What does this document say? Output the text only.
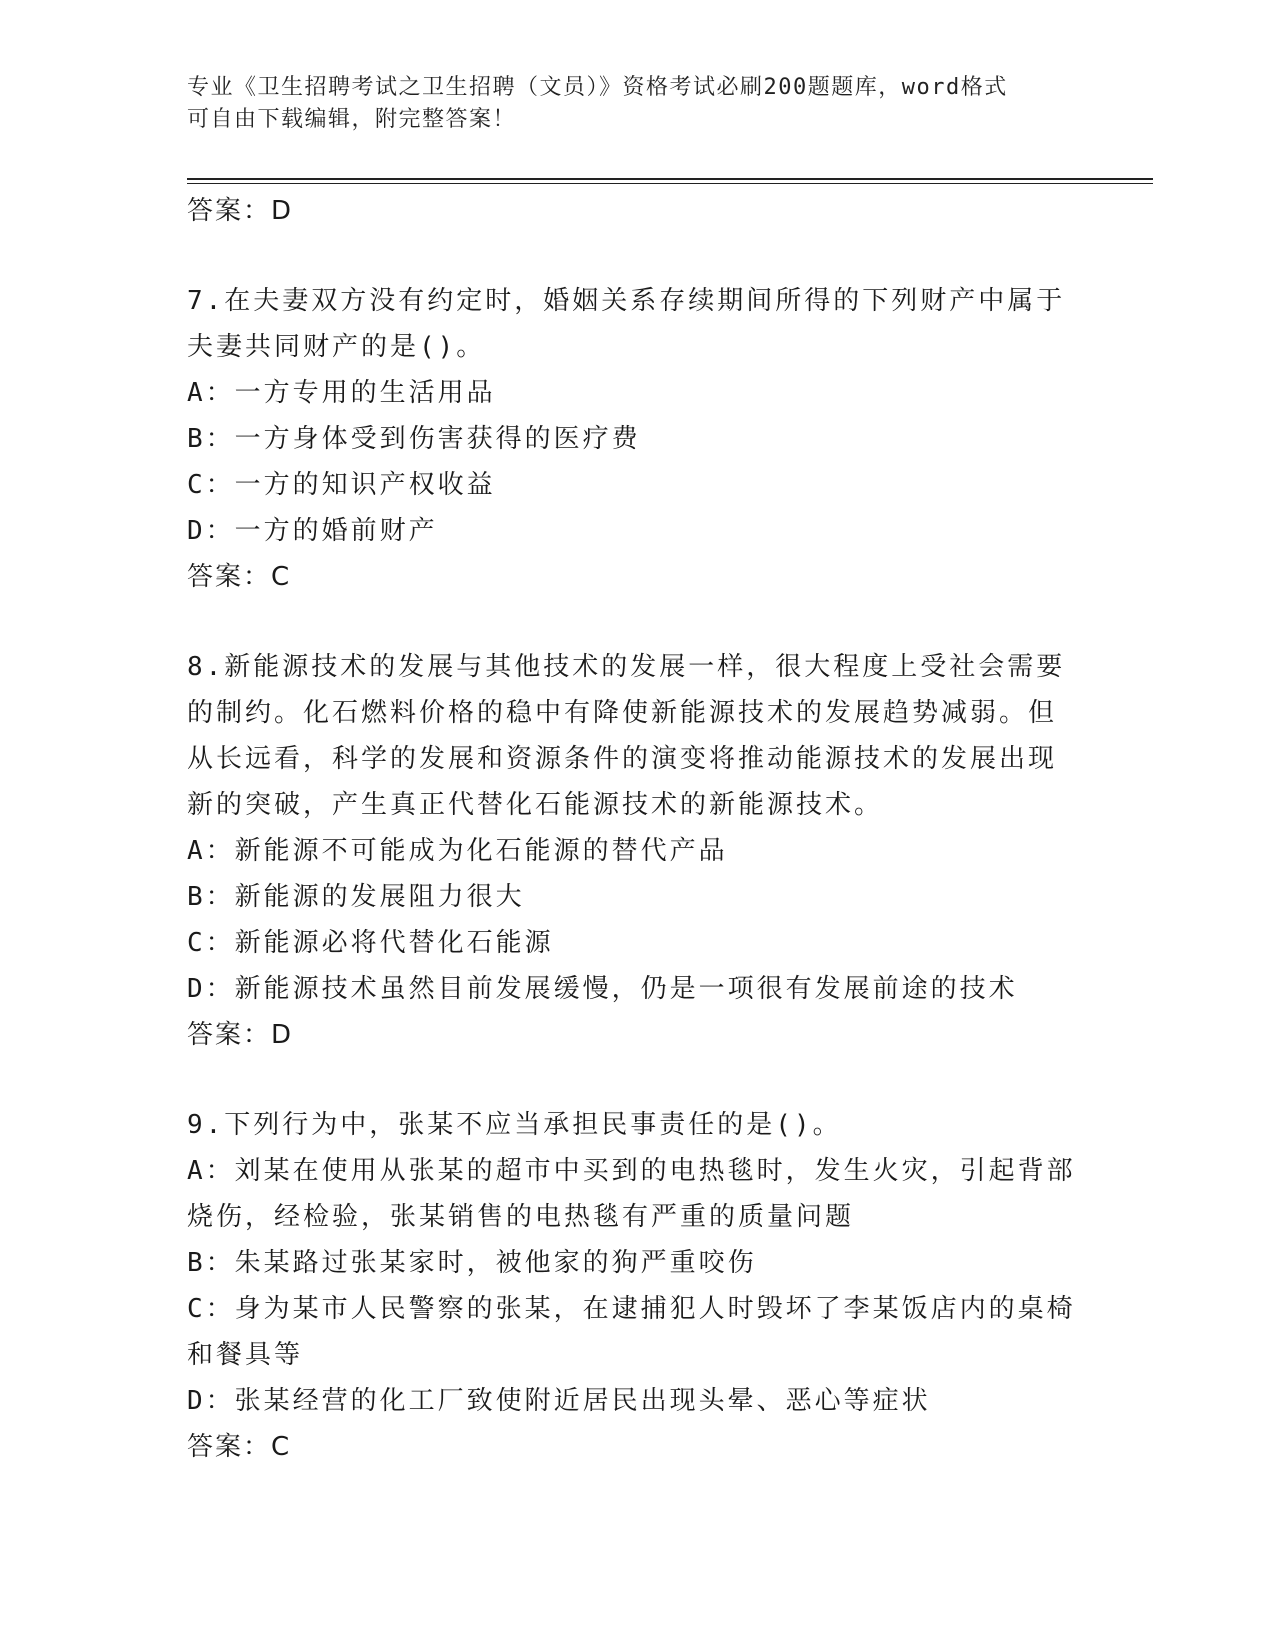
专业《卫生招聘考试之卫生招聘（文员）》资格考试必刷200题题库，word格式
可自由下载编辑，附完整答案！
答案：D
7.在夫妻双方没有约定时，婚姻关系存续期间所得的下列财产中属于
夫妻共同财产的是()。
A：一方专用的生活用品
B：一方身体受到伤害获得的医疗费
C：一方的知识产权收益
D：一方的婚前财产
答案：C
8.新能源技术的发展与其他技术的发展一样，很大程度上受社会需要
的制约。化石燃料价格的稳中有降使新能源技术的发展趋势减弱。但
从长远看，科学的发展和资源条件的演变将推动能源技术的发展出现
新的突破，产生真正代替化石能源技术的新能源技术。
A：新能源不可能成为化石能源的替代产品
B：新能源的发展阻力很大
C：新能源必将代替化石能源
D：新能源技术虽然目前发展缓慢，仍是一项很有发展前途的技术
答案：D
9.下列行为中，张某不应当承担民事责任的是()。
A：刘某在使用从张某的超市中买到的电热毯时，发生火灾，引起背部
烧伤，经检验，张某销售的电热毯有严重的质量问题
B：朱某路过张某家时，被他家的狗严重咬伤
C：身为某市人民警察的张某，在逮捕犯人时毁坏了李某饭店内的桌椅
和餐具等
D：张某经营的化工厂致使附近居民出现头晕、恶心等症状
答案：C
